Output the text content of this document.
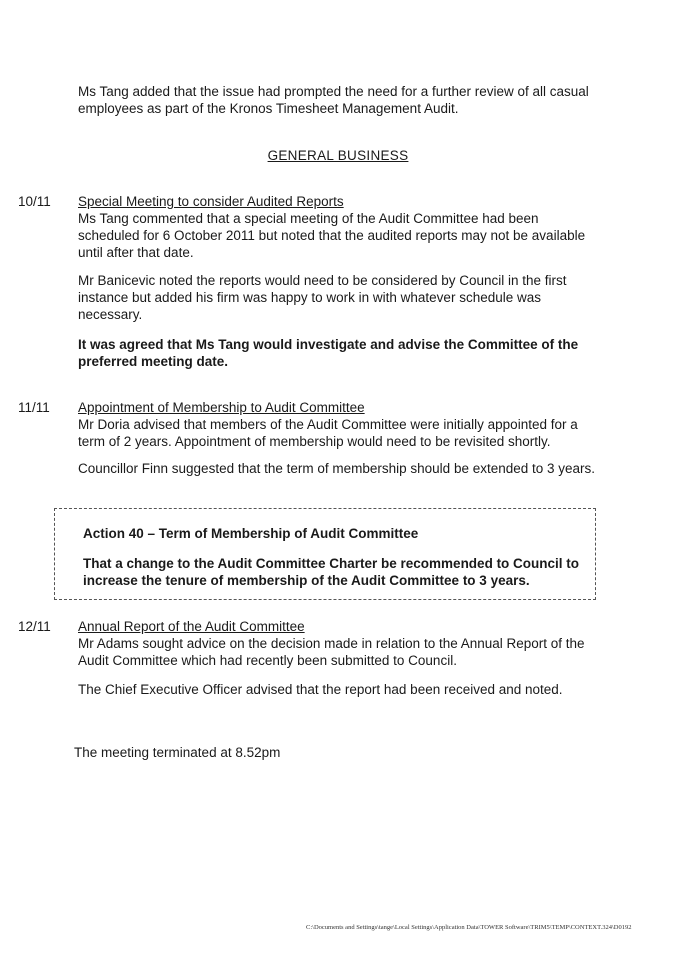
Ms Tang added that the issue had prompted the need for a further review of all casual employees as part of the Kronos Timesheet Management Audit.
GENERAL BUSINESS
10/11 Special Meeting to consider Audited Reports
Ms Tang commented that a special meeting of the Audit Committee had been scheduled for 6 October 2011 but noted that the audited reports may not be available until after that date.
Mr Banicevic noted the reports would need to be considered by Council in the first instance but added his firm was happy to work in with whatever schedule was necessary.
It was agreed that Ms Tang would investigate and advise the Committee of the preferred meeting date.
11/11 Appointment of Membership to Audit Committee
Mr Doria advised that members of the Audit Committee were initially appointed for a term of 2 years. Appointment of membership would need to be revisited shortly.
Councillor Finn suggested that the term of membership should be extended to 3 years.
Action 40 – Term of Membership of Audit Committee
That a change to the Audit Committee Charter be recommended to Council to increase the tenure of membership of the Audit Committee to 3 years.
12/11 Annual Report of the Audit Committee
Mr Adams sought advice on the decision made in relation to the Annual Report of the Audit Committee which had recently been submitted to Council.
The Chief Executive Officer advised that the report had been received and noted.
The meeting terminated at 8.52pm
C:\Documents and Settings\tange\Local Settings\Application Data\TOWER Software\TRIM5\TEMP\CONTEXT.324\D0192
